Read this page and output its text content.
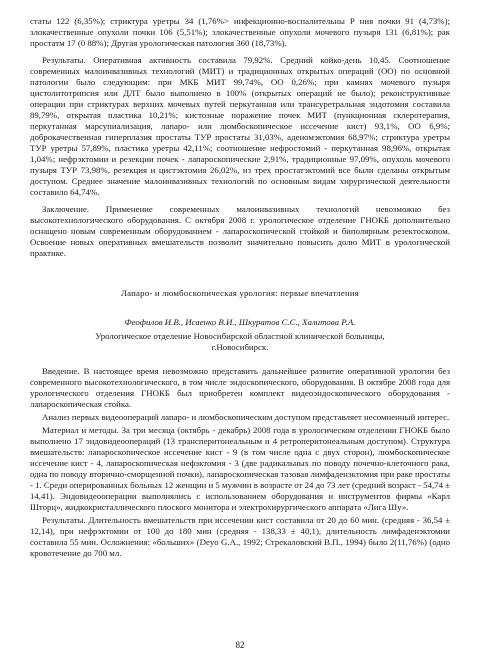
статы 122 (6,35%); стриктура уретры 34 (1,76%> инфекционно-воспалительны Р ния почки 91 (4,73%); злокачественные опухоли почки 106 (5,51%); злокачественные опухоли мочевого пузыря 131 (6,81%); рак простатм 17 (0 88%); Другая урологическая патология 360 (18,73%).

Результаты. Оперативная активность составила 79,92%. Средний койко-день 10,45. Соотношение современных малоинвазивных технологий (МИТ) и традиционных открытых операций (ОО) по основной патологии было следующим: при МКБ МИТ 99,74%, ОО 0,26%; при камнях мочевого пузыря цистолитотрипсия или ДЛТ было выполнено в 100% (открытых операций не было); реконструктивные операции при стриктурах верхних мочевых путей перкутанная или трансуретральная эндотомия составила 89,79%, открытая пластика 10,21%; кистозные поражение почек МИТ (пункционная склеротерапия, перкутанная марсупиализация, лапаро- или люмбоскопическое иссечение кист) 93,1%, ОО 6,9%; доброкачественная гиперплазия простаты ТУР простаты 31,03%, аденомэктомия 68,97%; стриктура уретры ТУР уретры 57,89%, пластика уретры 42,11%; соотношение нефростомий - перкутанная 98,96%, открытая 1,04%; нефрэктомии и резекции почек - лапароскопические 2,91%, традиционные 97,09%, опухоль мочевого пузыря ТУР 73,98%, резекция и цистэктомия 26,02%, из трех простатэктомий все были сделаны открытым доступом. Среднее значение малоинвазивных технологий по основным видам хирургической деятельности составило 64,74%.

Заключение. Применение современных малоинвазивных технологий невозможно без высокотехнологического оборудования. С октября 2008 г. урологическое отделение ГНОКБ дополнительно оснащено новым современным оборудованием - лапароскопической стойкой и биполярным резектоскопом. Освоение новых оперативных вмешательств позволит значительно повысить долю МИТ в урологической практике.

Лапаро- и люмбоскопическая урология: первые впечатления

Феофилов И.В., Исаенко В.И., Шкуратов С.С., Халитова Р.А.

Урологическое отделение Новосибирской областной клинической больницы, г.Новосибирск.

Введение. В настоящее время невозможно представить дальнейшее развитие оперативной урологии без современного высокотехнологического, в том числе эндоскопического, оборудования. В октябре 2008 года для урологического отделения ГНОКБ был приобретен комплект видеоэндоскопического оборудования - лапароскопическая стойка.

Анализ первых видеоопераций лапаро- и люмбоскопическим доступом представляет несомненный интерес.

Материал и методы. За три месяца (октябрь - декабрь) 2008 года в урологическом отделении ГНОКБ было выполнено 17 эндовидеоопераций (13 трансперитонеальным и 4 ретроперитонеальным доступом). Структура вмешательств: лапароскопическое иссечение кист - 9 (в том числе одна с двух сторон), люмбоскопическое иссечение кист - 4, лапароскопическая нефэктомия - 3 (две радикальных по поводу почечно-клеточного рака, одна по поводу вторично-сморщенной почки), лапароскопическая тазовая лимфаденэктомия при раке простаты - 1. Среди оперированных больных 12 женщин и 5 мужчин в возрасте от 24 до 73 лет (средний возраст - 54,74 ± 14,41). Эндовидеооперации выполнялись с использованием оборудования и инструментов фирмы «Карл Шторц», жидкокристаллического плоского монитора и электрохирургического аппарата «Лига Шу».

Результаты. Длительность вмешательств при иссечении кист составила от 20 до 60 мин. (средняя - 36,54 ± 12,14), при нефрэктомии от 100 до 180 мин (средняя - 138,33 ± 40,1), длительность лимфаденэктомии составила 55 мин. Осложнения: «больших» (Deyo G.A., 1992; Стрекаловский В.П., 1994) было 2(11,76%) (одно кровотечение до 700 мл.

82
